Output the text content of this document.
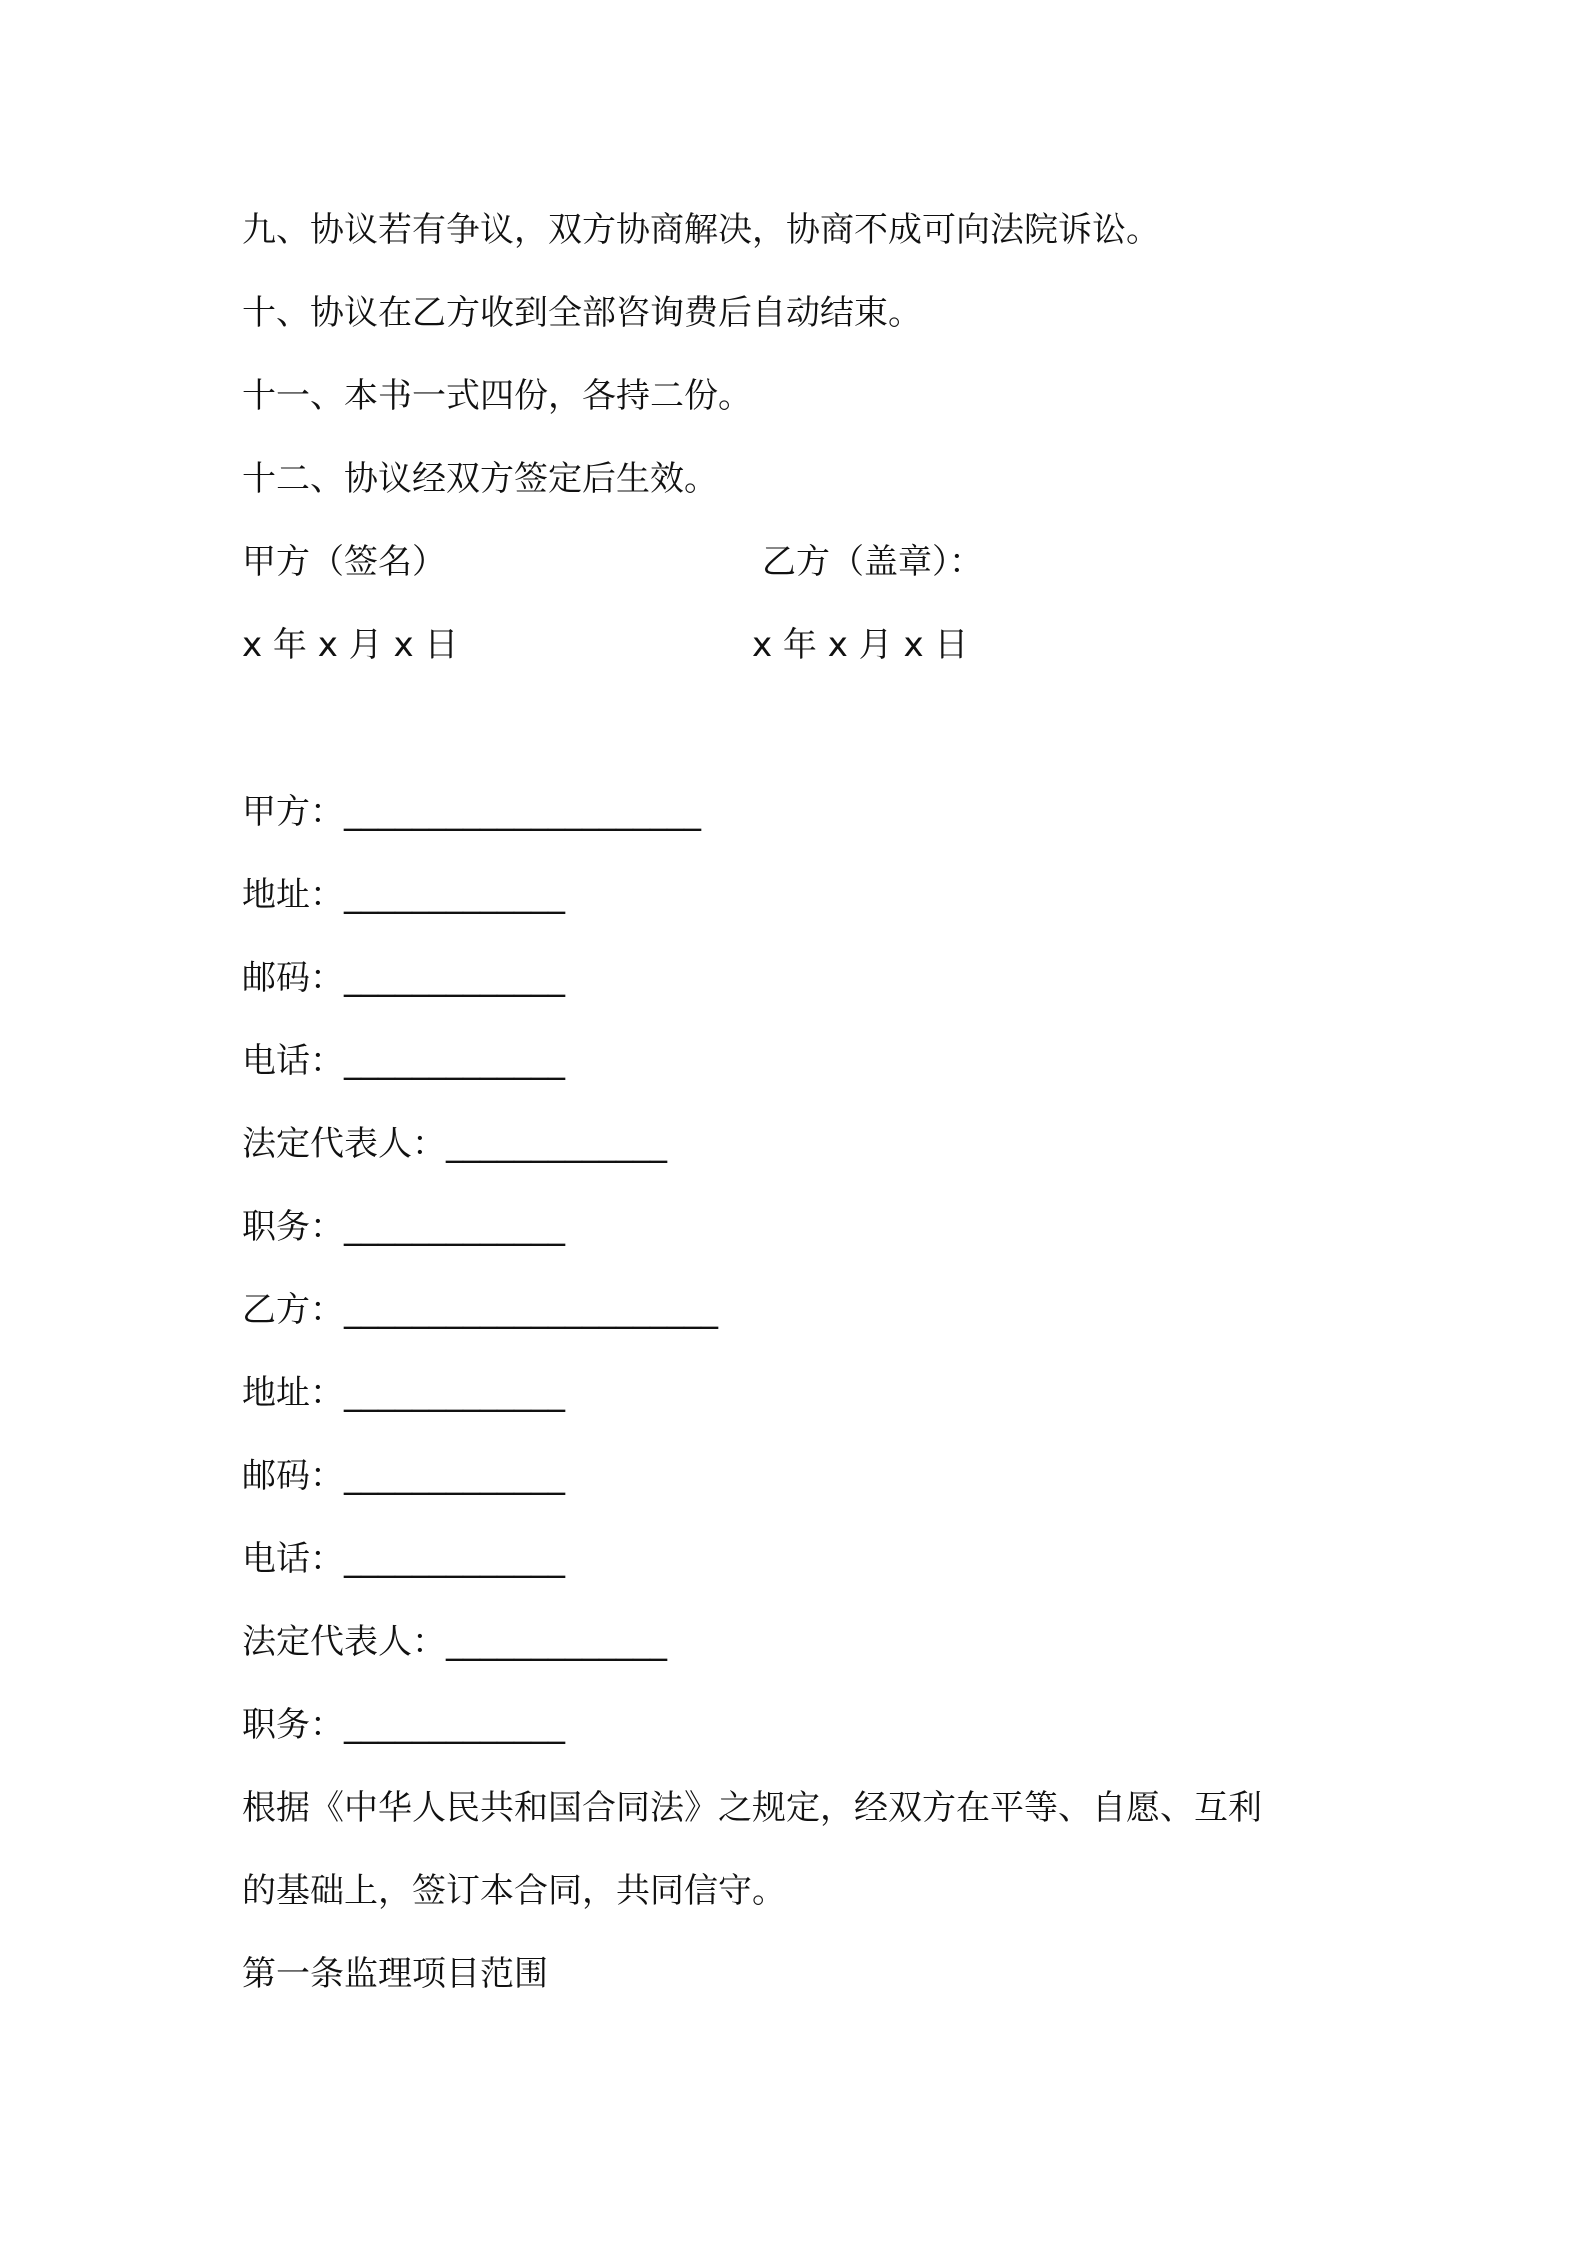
九、协议若有争议，双方协商解决，协商不成可向法院诉讼。
十、协议在乙方收到全部咨询费后自动结束。
十一、本书一式四份，各持二份。
十二、协议经双方签定后生效。
甲方（签名）	乙方（盖章）：
x 年 x 月 x 日	x 年 x 月 x 日
甲方：_____________________
地址：_____________
邮码：_____________
电话：_____________
法定代表人：_____________
职务：_____________
乙方：______________________
地址：_____________
邮码：_____________
电话：_____________
法定代表人：_____________
职务：_____________
根据《中华人民共和国合同法》之规定，经双方在平等、自愿、互利
的基础上，签订本合同，共同信守。
第一条监理项目范围
